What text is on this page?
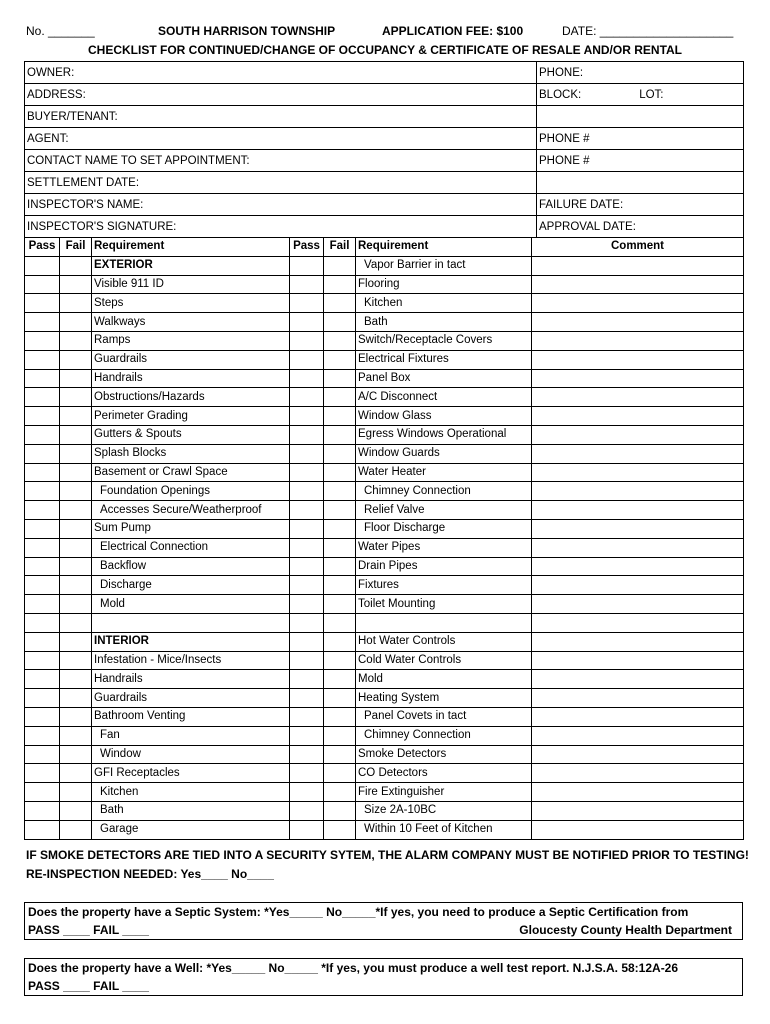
No. _______	SOUTH HARRISON TOWNSHIP	APPLICATION FEE: $100	DATE: ____________________
CHECKLIST FOR CONTINUED/CHANGE OF OCCUPANCY & CERTIFICATE OF RESALE AND/OR RENTAL
OWNER:	PHONE:
ADDRESS:	BLOCK: LOT:
BUYER/TENANT:	
AGENT:	PHONE #
CONTACT NAME TO SET APPOINTMENT:	PHONE #
SETTLEMENT DATE:	
INSPECTOR'S NAME:	FAILURE DATE:
INSPECTOR'S SIGNATURE:	APPROVAL DATE:
Pass	Fail	Requirement	Pass	Fail	Requirement	Comment
		EXTERIOR			Vapor Barrier in tact	
		Visible 911 ID			Flooring	
		Steps			Kitchen	
		Walkways			Bath	
		Ramps			Switch/Receptacle Covers	
		Guardrails			Electrical Fixtures	
		Handrails			Panel Box	
		Obstructions/Hazards			A/C Disconnect	
		Perimeter Grading			Window Glass	
		Gutters & Spouts			Egress Windows Operational	
		Splash Blocks			Window Guards	
		Basement or Crawl Space			Water Heater	
		Foundation Openings			Chimney Connection	
		Accesses Secure/Weatherproof			Relief Valve	
		Sum Pump			Floor Discharge	
		Electrical Connection			Water Pipes	
		Backflow			Drain Pipes	
		Discharge			Fixtures	
		Mold			Toilet Mounting	

		INTERIOR			Hot Water Controls	
		Infestation - Mice/Insects			Cold Water Controls	
		Handrails			Mold	
		Guardrails			Heating System	
		Bathroom Venting			Panel Covets in tact	
		Fan			Chimney Connection	
		Window			Smoke Detectors	
		GFI Receptacles			CO Detectors	
		Kitchen			Fire Extinguisher	
		Bath			Size 2A-10BC	
		Garage			Within 10 Feet of Kitchen	
IF SMOKE DETECTORS ARE TIED INTO A SECURITY SYTEM, THE ALARM COMPANY MUST BE NOTIFIED PRIOR TO TESTING!
RE-INSPECTION NEEDED: Yes____ No____
Does the property have a Septic System: *Yes_____ No_____*If yes, you need to produce a Septic Certification from
PASS ____ FAIL ____	Gloucesty County Health Department
Does the property have a Well: *Yes_____ No_____ *If yes, you must produce a well test report. N.J.S.A. 58:12A-26
PASS ____ FAIL ____
